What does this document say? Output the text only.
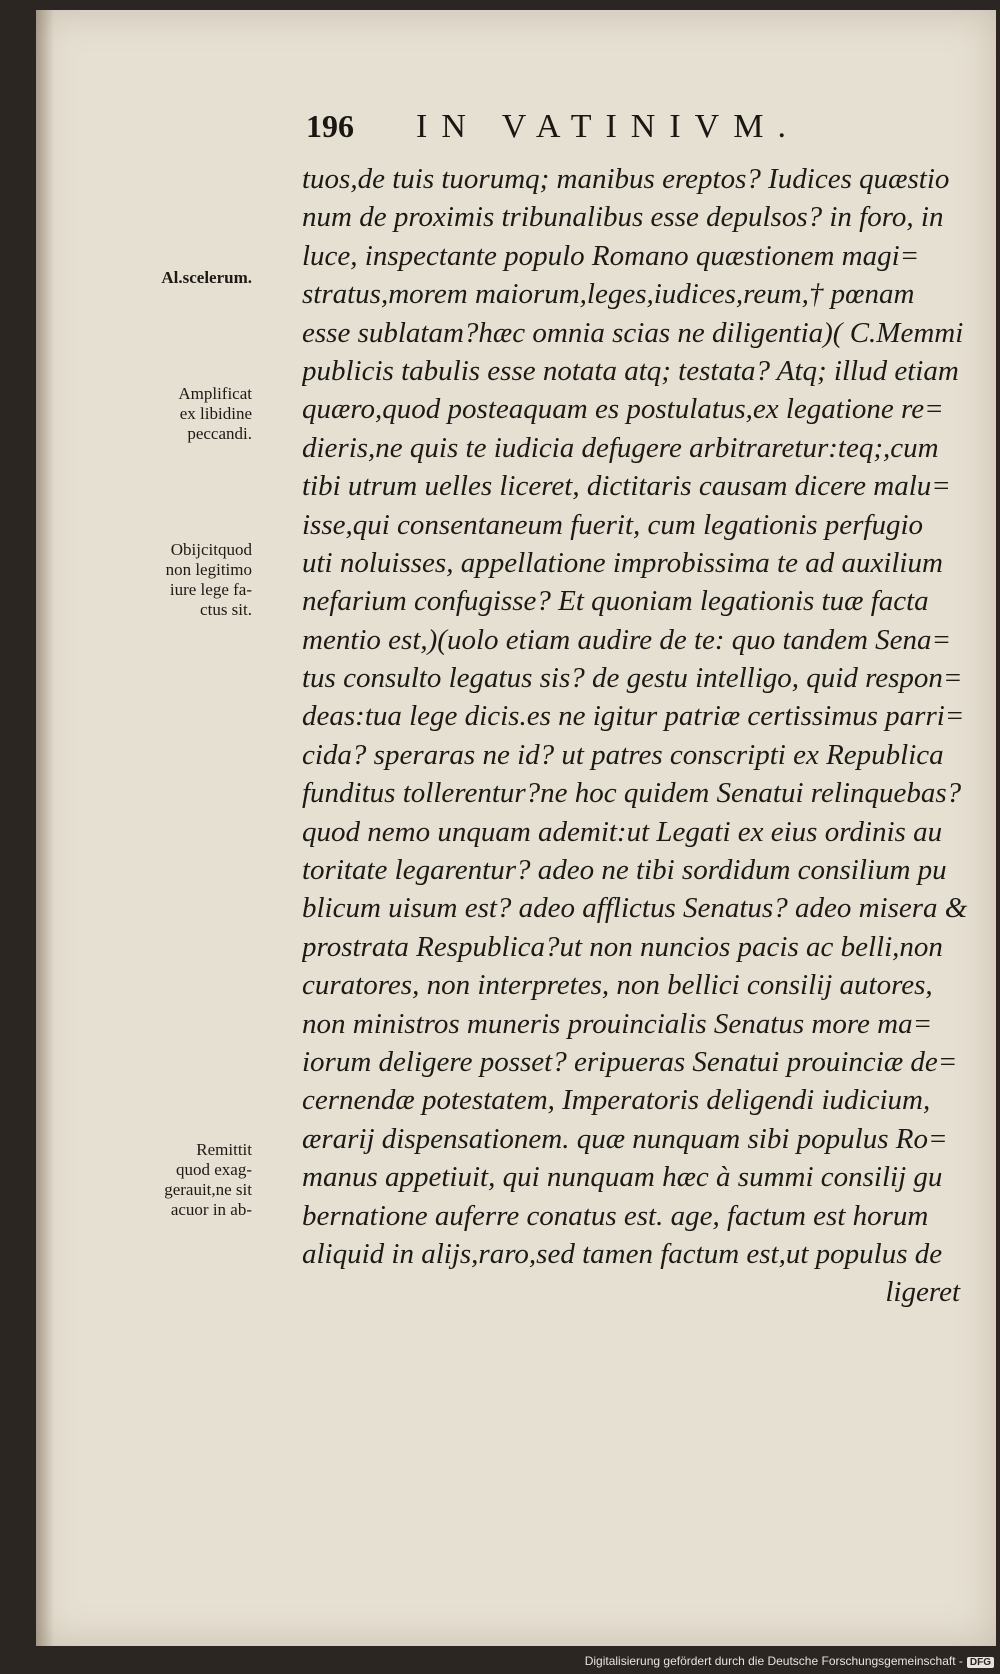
196 IN VATINIVM.
tuos,de tuis tuorumq; manibus ereptos? Iudices quæstio
num de proximis tribunalibus esse depulsos? in foro, in
luce, inspectante populo Romano quæstionem magi=
stratus,morem maiorum,leges,iudices,reum,† pœnam
esse sublatam?hæc omnia scias ne diligentia)( C.Memmi
publicis tabulis esse notata atq; testata? Atq; illud etiam
quæro,quod posteaquam es postulatus,ex legatione re=
dieris,ne quis te iudicia defugere arbitraretur:teq;,cum
tibi utrum uelles liceret, dictitaris causam dicere malu=
isse,qui consentaneum fuerit, cum legationis perfugio
uti noluisses, appellatione improbissima te ad auxilium
nefarium confugisse? Et quoniam legationis tuæ facta
mentio est,)(uolo etiam audire de te: quo tandem Sena=
tus consulto legatus sis? de gestu intelligo, quid respon=
deas:tua lege dicis.es ne igitur patriæ certissimus parri=
cida? speraras ne id? ut patres conscripti ex Republica
funditus tollerentur?ne hoc quidem Senatui relinquebas?
quod nemo unquam ademit:ut Legati ex eius ordinis au
toritate legarentur? adeo ne tibi sordidum consilium pu
blicum uisum est? adeo afflictus Senatus? adeo misera &
prostrata Respublica?ut non nuncios pacis ac belli,non
curatores, non interpretes, non bellici consilij autores,
non ministros muneris prouincialis Senatus more ma=
iorum deligere posset? eripueras Senatui prouinciæ de=
cernendæ potestatem, Imperatoris deligendi iudicium,
ærarij dispensationem. quæ nunquam sibi populus Ro=
manus appetiuit, qui nunquam hæc à summi consilij gu
bernatione auferre conatus est. age, factum est horum
aliquid in alijs,raro,sed tamen factum est,ut populus de
ligeret
Al.scelerum.
Amplificat
ex libidine
peccandi.
Obijcitquod
non legitimo
iure lege fa-
ctus sit.
Remittit
quod exag-
gerauit,ne sit
acuor in ab-
Digitalisierung gefördert durch die Deutsche Forschungsgemeinschaft - DFG
